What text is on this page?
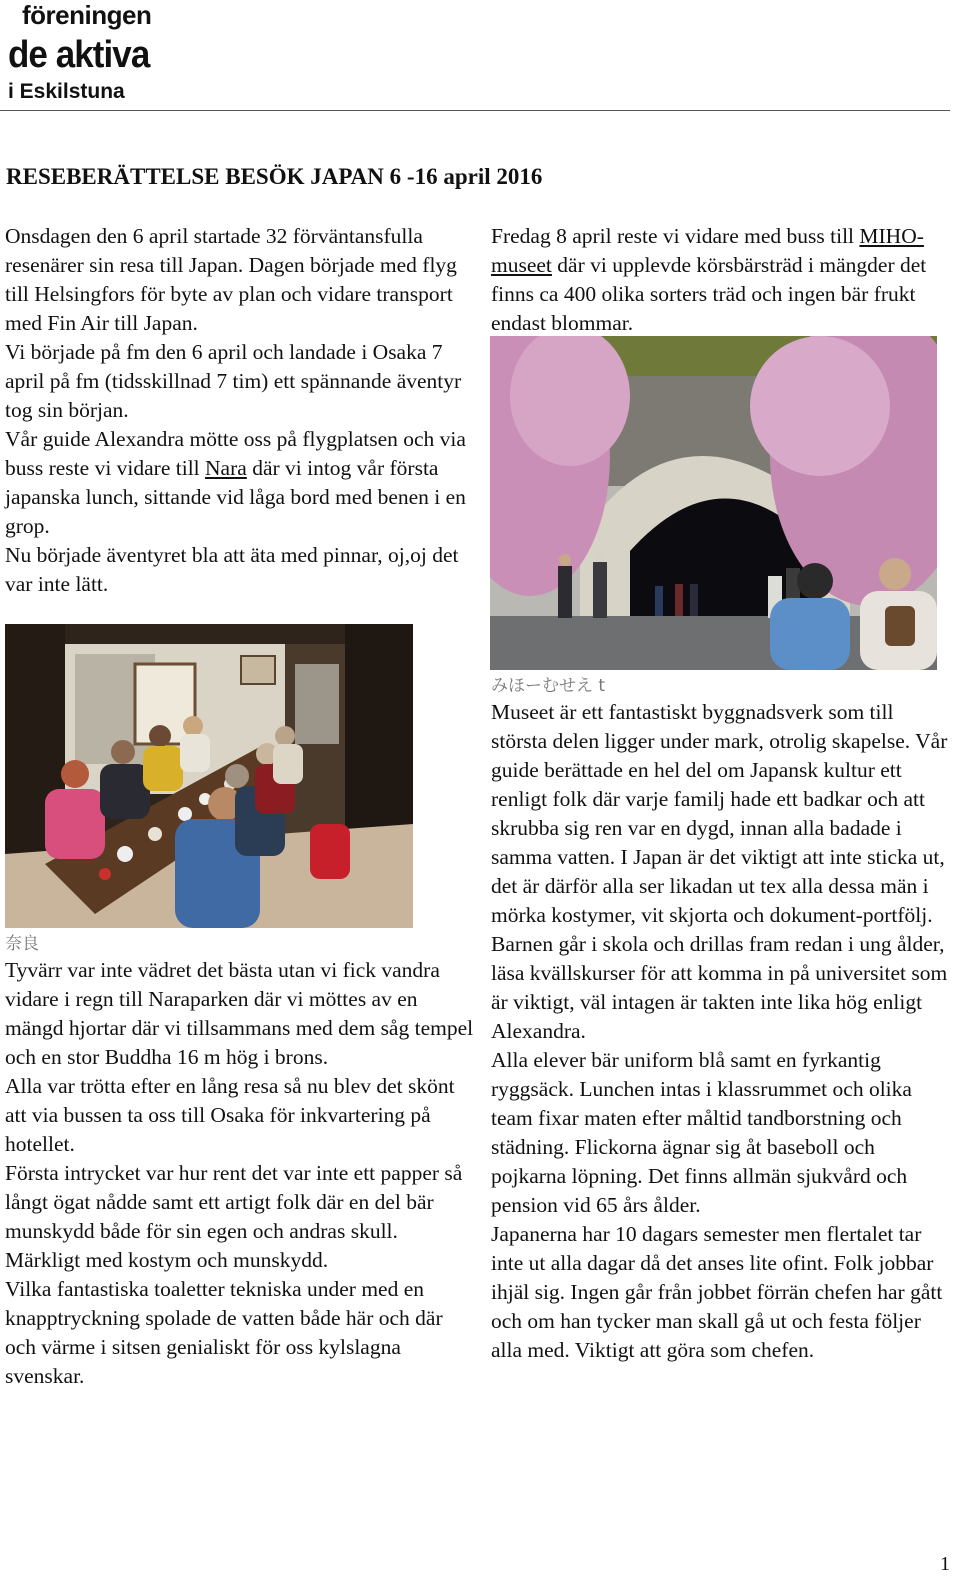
föreningen
de aktiva
i Eskilstuna
RESEBERÄTTELSE BESÖK JAPAN 6 -16 april 2016

Onsdagen den 6 april startade 32 förväntansfulla resenärer sin resa till Japan. Dagen började med flyg till Helsingfors för byte av plan och vidare transport med Fin Air till Japan.

Vi började på fm den 6 april och landade i Osaka 7 april på fm (tidsskillnad 7 tim) ett spännande äventyr tog sin början.

Vår guide Alexandra mötte oss på flygplatsen och via buss reste vi vidare till Nara där vi intog vår första japanska lunch, sittande vid låga bord med benen i en grop.

Nu började äventyret bla att äta med pinnar, oj,oj det var inte lätt.

奈良

Tyvärr var inte vädret det bästa utan vi fick vandra vidare i regn till Naraparken där vi möttes av en mängd hjortar där vi tillsammans med dem såg tempel och en stor Buddha 16 m hög i brons.

Alla var trötta efter en lång resa så nu blev det skönt att via bussen ta oss till Osaka för inkvartering på hotellet.

Första intrycket var hur rent det var inte ett papper så långt ögat nådde samt ett artigt folk där en del bär munskydd både för sin egen och andras skull. Märkligt med kostym och munskydd.

Vilka fantastiska toaletter tekniska under med en knapptryckning spolade de vatten både här och där och värme i sitsen genialiskt för oss kylslagna svenskar.

Fredag 8 april reste vi vidare med buss till MIHO-museet där vi upplevde körsbärsträd i mängder det finns ca 400 olika sorters träd och ingen bär frukt endast blommar.

みほーむせえ t

Museet är ett fantastiskt byggnadsverk som till största delen ligger under mark, otrolig skapelse. Vår guide berättade en hel del om Japansk kultur ett renligt folk där varje familj hade ett badkar och att skrubba sig ren var en dygd, innan alla badade i samma vatten. I Japan är det viktigt att inte sticka ut, det är därför alla ser likadan ut tex alla dessa män i mörka kostymer, vit skjorta och dokument-portfölj. Barnen går i skola och drillas fram redan i ung ålder, läsa kvällskurser för att komma in på universitet som är viktigt, väl intagen är takten inte lika hög enligt Alexandra.

Alla elever bär uniform blå samt en fyrkantig ryggsäck. Lunchen intas i klassrummet och olika team fixar maten efter måltid tandborstning och städning. Flickorna ägnar sig åt baseboll och pojkarna löpning. Det finns allmän sjukvård och pension vid 65 års ålder.

Japanerna har 10 dagars semester men flertalet tar inte ut alla dagar då det anses lite ofint. Folk jobbar ihjäl sig. Ingen går från jobbet förrän chefen har gått och om han tycker man skall gå ut och festa följer alla med. Viktigt att göra som chefen.

1
